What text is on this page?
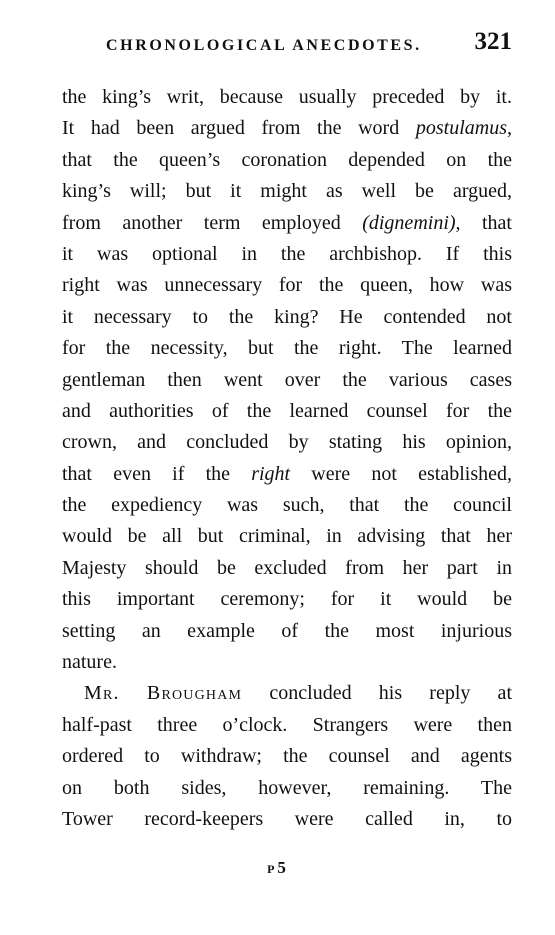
CHRONOLOGICAL ANECDOTES. 321
the king’s writ, because usually preceded by it.
It had been argued from the word postulamus,
that the queen’s coronation depended on the
king’s will; but it might as well be argued,
from another term employed (dignemini), that
it was optional in the archbishop. If this
right was unnecessary for the queen, how was
it necessary to the king? He contended not
for the necessity, but the right. The learned
gentleman then went over the various cases
and authorities of the learned counsel for the
crown, and concluded by stating his opinion,
that even if the right were not established,
the expediency was such, that the council
would be all but criminal, in advising that her
Majesty should be excluded from her part in
this important ceremony; for it would be
setting an example of the most injurious
nature.
Mr. Brougham concluded his reply at
half-past three o’clock. Strangers were then
ordered to withdraw; the counsel and agents
on both sides, however, remaining. The
Tower record-keepers were called in, to
P 5
